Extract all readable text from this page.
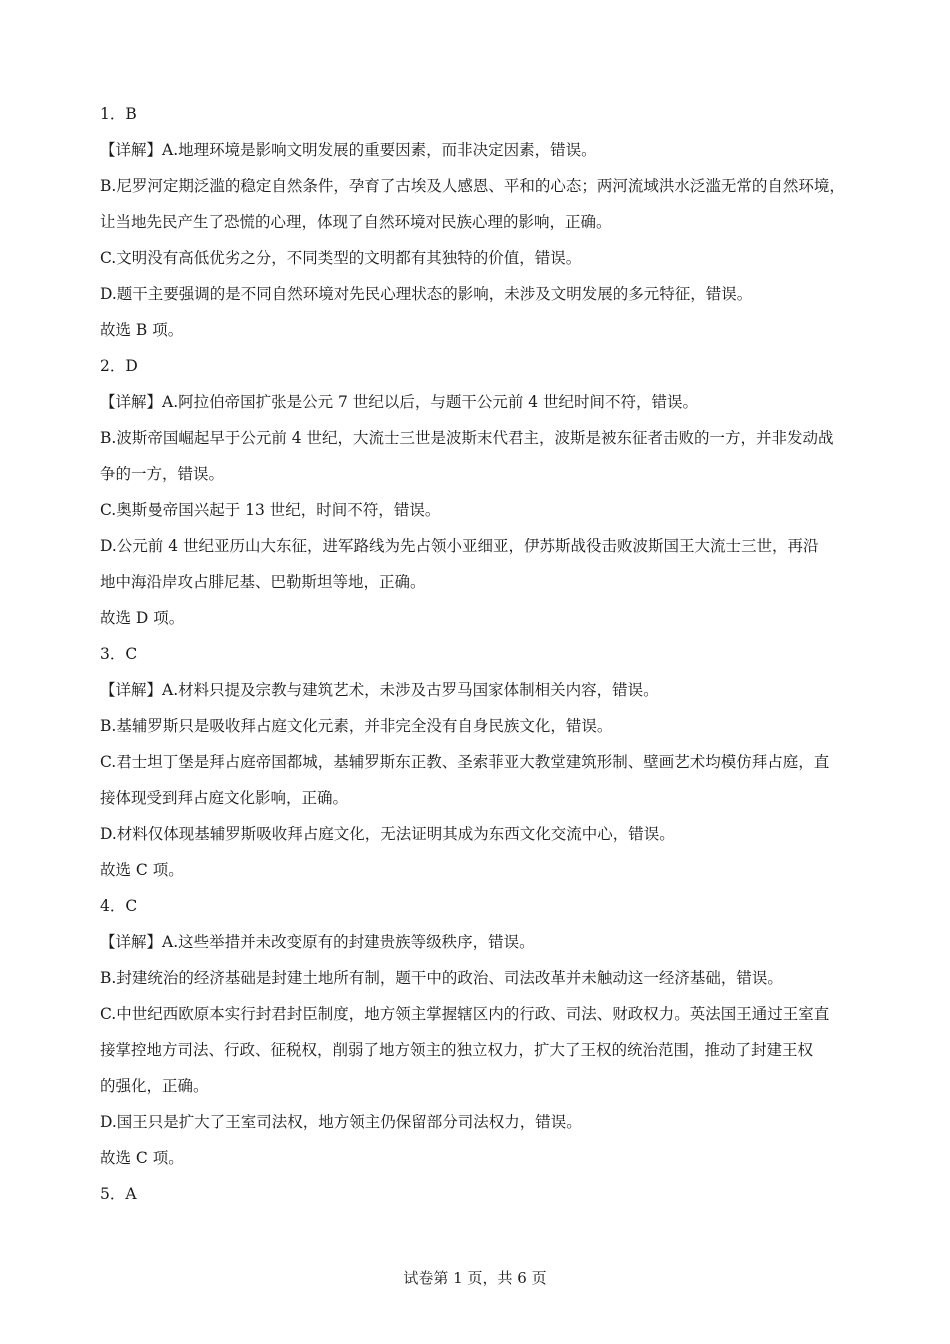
1．B
【详解】A.地理环境是影响文明发展的重要因素，而非决定因素，错误。
B.尼罗河定期泛滥的稳定自然条件，孕育了古埃及人感恩、平和的心态；两河流域洪水泛滥无常的自然环境，
让当地先民产生了恐慌的心理，体现了自然环境对民族心理的影响，正确。
C.文明没有高低优劣之分，不同类型的文明都有其独特的价值，错误。
D.题干主要强调的是不同自然环境对先民心理状态的影响，未涉及文明发展的多元特征，错误。
故选 B 项。
2．D
【详解】A.阿拉伯帝国扩张是公元 7 世纪以后，与题干公元前 4 世纪时间不符，错误。
B.波斯帝国崛起早于公元前 4 世纪，大流士三世是波斯末代君主，波斯是被东征者击败的一方，并非发动战
争的一方，错误。
C.奥斯曼帝国兴起于 13 世纪，时间不符，错误。
D.公元前 4 世纪亚历山大东征，进军路线为先占领小亚细亚，伊苏斯战役击败波斯国王大流士三世，再沿
地中海沿岸攻占腓尼基、巴勒斯坦等地，正确。
故选 D 项。
3．C
【详解】A.材料只提及宗教与建筑艺术，未涉及古罗马国家体制相关内容，错误。
B.基辅罗斯只是吸收拜占庭文化元素，并非完全没有自身民族文化，错误。
C.君士坦丁堡是拜占庭帝国都城，基辅罗斯东正教、圣索菲亚大教堂建筑形制、壁画艺术均模仿拜占庭，直
接体现受到拜占庭文化影响，正确。
D.材料仅体现基辅罗斯吸收拜占庭文化，无法证明其成为东西文化交流中心，错误。
故选 C 项。
4．C
【详解】A.这些举措并未改变原有的封建贵族等级秩序，错误。
B.封建统治的经济基础是封建土地所有制，题干中的政治、司法改革并未触动这一经济基础，错误。
C.中世纪西欧原本实行封君封臣制度，地方领主掌握辖区内的行政、司法、财政权力。英法国王通过王室直
接掌控地方司法、行政、征税权，削弱了地方领主的独立权力，扩大了王权的统治范围，推动了封建王权
的强化，正确。
D.国王只是扩大了王室司法权，地方领主仍保留部分司法权力，错误。
故选 C 项。
5．A
试卷第 1 页，共 6 页
